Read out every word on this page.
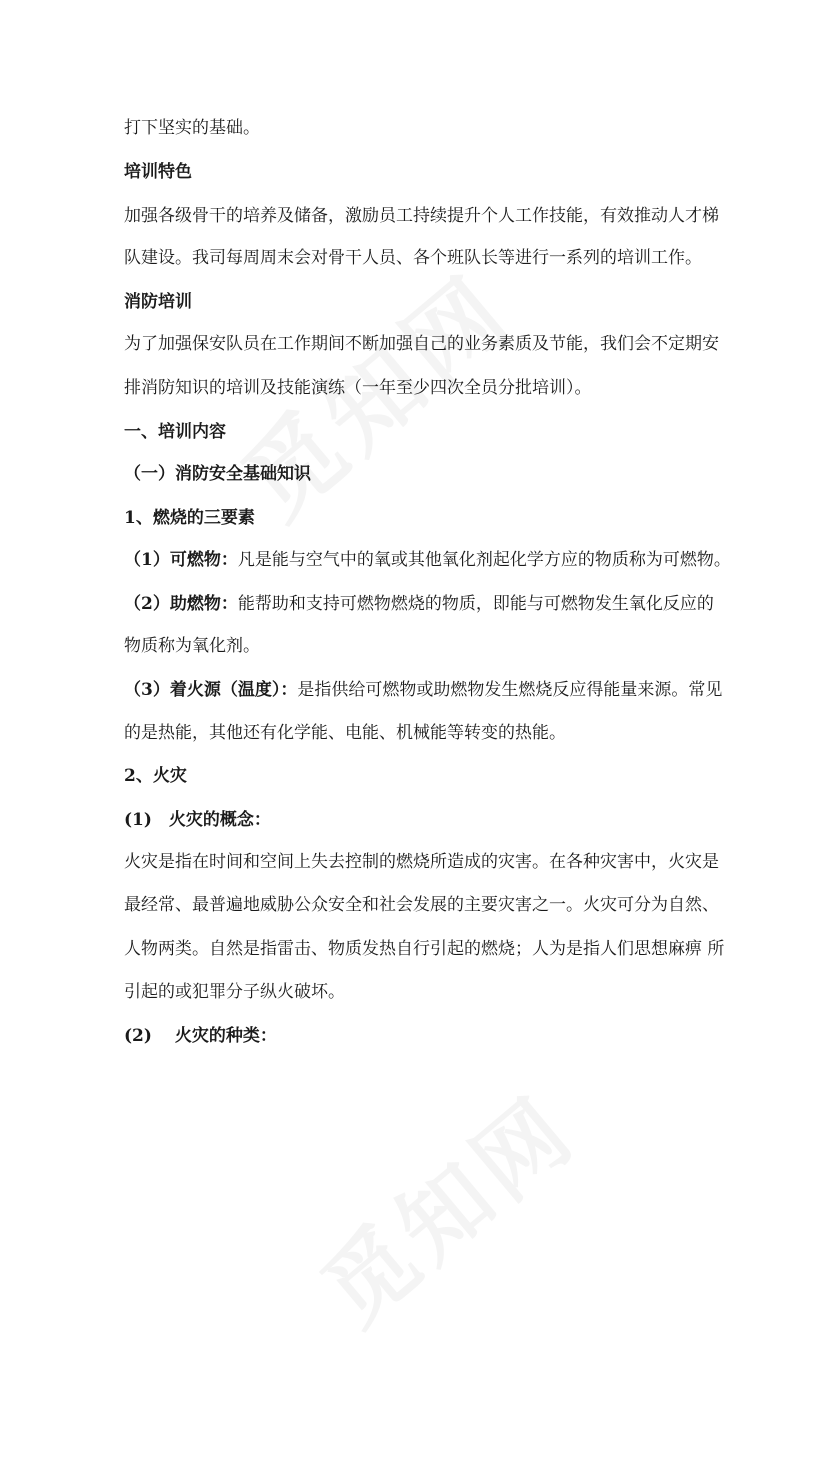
打下坚实的基础。
培训特色
加强各级骨干的培养及储备，激励员工持续提升个人工作技能，有效推动人才梯
队建设。我司每周周末会对骨干人员、各个班队长等进行一系列的培训工作。
消防培训
为了加强保安队员在工作期间不断加强自己的业务素质及节能，我们会不定期安
排消防知识的培训及技能演练（一年至少四次全员分批培训）。
一、培训内容
（一）消防安全基础知识
1、燃烧的三要素
（1）可燃物：凡是能与空气中的氧或其他氧化剂起化学方应的物质称为可燃物。
（2）助燃物：能帮助和支持可燃物燃烧的物质，即能与可燃物发生氧化反应的
物质称为氧化剂。
（3）着火源（温度）：是指供给可燃物或助燃物发生燃烧反应得能量来源。常见
的是热能，其他还有化学能、电能、机械能等转变的热能。
2、火灾
(1)　火灾的概念：
火灾是指在时间和空间上失去控制的燃烧所造成的灾害。在各种灾害中，火灾是
最经常、最普遍地威胁公众安全和社会发展的主要灾害之一。火灾可分为自然、
人物两类。自然是指雷击、物质发热自行引起的燃烧；人为是指人们思想麻痹 所
引起的或犯罪分子纵火破坏。
(2)　 火灾的种类：
